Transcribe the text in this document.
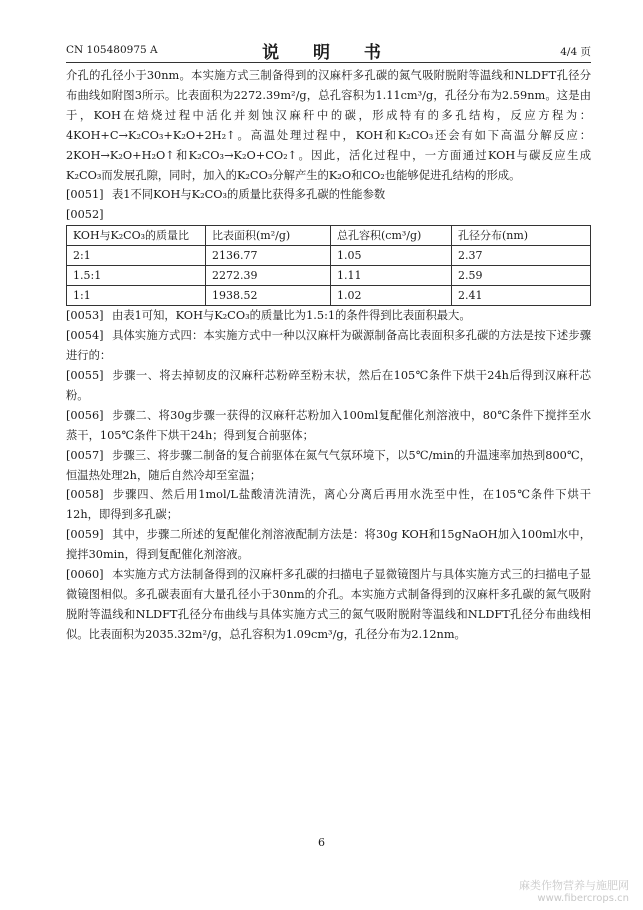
CN 105480975 A	说 明 书	4/4 页

介孔的孔径小于30nm。本实施方式三制备得到的汉麻杆多孔碳的氮气吸附脱附等温线和NLDFT孔径分布曲线如附图3所示。比表面积为2272.39m²/g，总孔容积为1.11cm³/g，孔径分布为2.59nm。这是由于，KOH在焙烧过程中活化并刻蚀汉麻秆中的碳，形成特有的多孔结构，反应方程为：4KOH+C→K₂CO₃+K₂O+2H₂↑。高温处理过程中，KOH和K₂CO₃还会有如下高温分解反应：2KOH→K₂O+H₂O↑和K₂CO₃→K₂O+CO₂↑。因此，活化过程中，一方面通过KOH与碳反应生成K₂CO₃而发展孔隙，同时，加入的K₂CO₃分解产生的K₂O和CO₂也能够促进孔结构的形成。

[0051] 表1不同KOH与K₂CO₃的质量比获得多孔碳的性能参数

[0052]

KOH与K₂CO₃的质量比	比表面积(m²/g)	总孔容积(cm³/g)	孔径分布(nm)
2:1	2136.77	1.05	2.37
1.5:1	2272.39	1.11	2.59
1:1	1938.52	1.02	2.41

[0053] 由表1可知，KOH与K₂CO₃的质量比为1.5:1的条件得到比表面积最大。

[0054] 具体实施方式四：本实施方式中一种以汉麻杆为碳源制备高比表面积多孔碳的方法是按下述步骤进行的：

[0055] 步骤一、将去掉韧皮的汉麻秆芯粉碎至粉末状，然后在105℃条件下烘干24h后得到汉麻秆芯粉。

[0056] 步骤二、将30g步骤一获得的汉麻秆芯粉加入100ml复配催化剂溶液中，80℃条件下搅拌至水蒸干，105℃条件下烘干24h；得到复合前驱体；

[0057] 步骤三、将步骤二制备的复合前驱体在氮气气氛环境下，以5℃/min的升温速率加热到800℃，恒温热处理2h，随后自然冷却至室温；

[0058] 步骤四、然后用1mol/L盐酸清洗清洗，离心分离后再用水洗至中性，在105℃条件下烘干12h，即得到多孔碳；

[0059] 其中，步骤二所述的复配催化剂溶液配制方法是：将30g KOH和15gNaOH加入100ml水中，搅拌30min，得到复配催化剂溶液。

[0060] 本实施方式方法制备得到的汉麻杆多孔碳的扫描电子显微镜图片与具体实施方式三的扫描电子显微镜图相似。多孔碳表面有大量孔径小于30nm的介孔。本实施方式制备得到的汉麻杆多孔碳的氮气吸附脱附等温线和NLDFT孔径分布曲线与具体实施方式三的氮气吸附脱附等温线和NLDFT孔径分布曲线相似。比表面积为2035.32m²/g，总孔容积为1.09cm³/g，孔径分布为2.12nm。

6
麻类作物营养与施肥网
www.fibercrops.cn
